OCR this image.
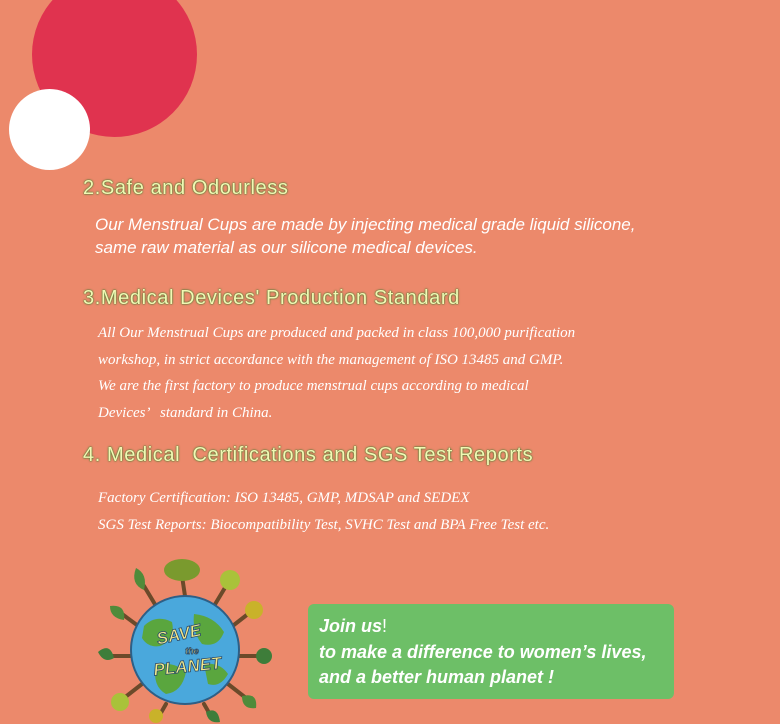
2.Safe and Odourless

Our Menstrual Cups are made by injecting medical grade liquid silicone,
same raw material as our silicone medical devices.

3.Medical Devices' Production Standard

All Our Menstrual Cups are produced and packed in class 100,000 purification
workshop, in strict accordance with the management of ISO 13485 and GMP.
We are the first factory to produce menstrual cups according to medical
Devices’   standard in China.

4. Medical  Certifications and SGS Test Reports

Factory Certification: ISO 13485, GMP, MDSAP and SEDEX
SGS Test Reports: Biocompatibility Test, SVHC Test and BPA Free Test etc.

SAVE
the
PLANET
Join us!
to make a difference to women’s lives,
and a better human planet !
